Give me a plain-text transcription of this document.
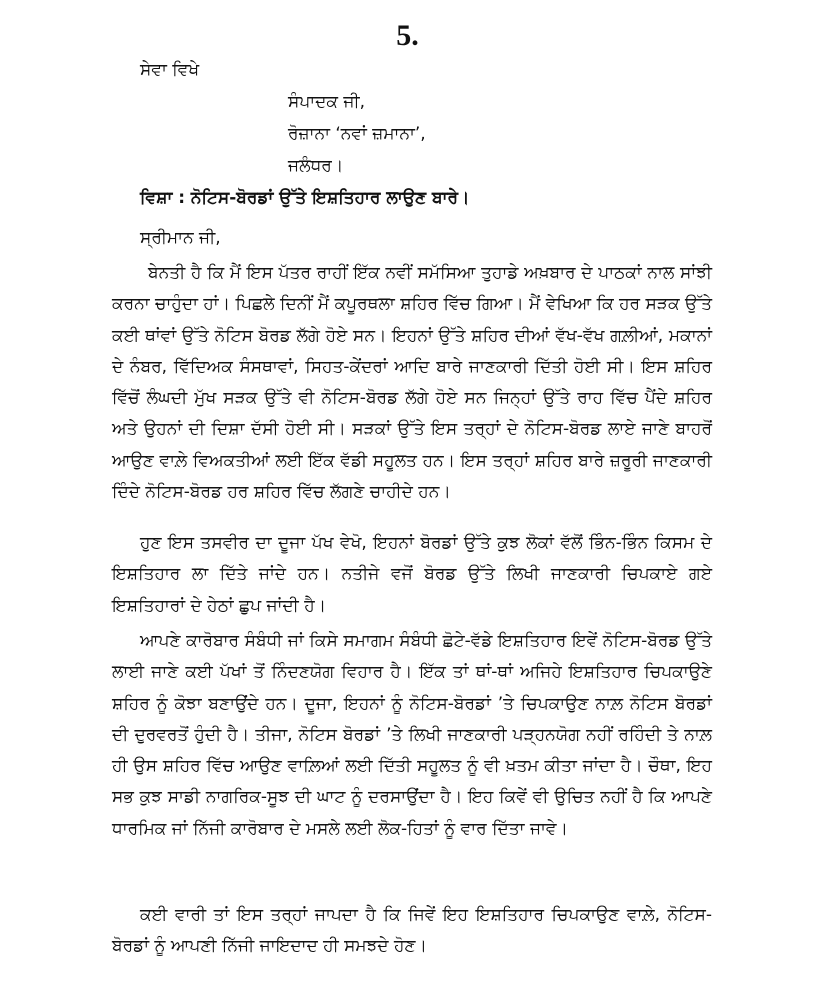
5.
ਸੇਵਾ ਵਿਖੇ
ਸੰਪਾਦਕ ਜੀ,
ਰੋਜ਼ਾਨਾ ‘ਨਵਾਂ ਜ਼ਮਾਨਾ’,
ਜਲੰਧਰ।
ਵਿਸ਼ਾ : ਨੋਟਿਸ-ਬੋਰਡਾਂ ਉੱਤੇ ਇਸ਼ਤਿਹਾਰ ਲਾਉਣ ਬਾਰੇ।
ਸ੍ਰੀਮਾਨ ਜੀ,

ਬੇਨਤੀ ਹੈ ਕਿ ਮੈਂ ਇਸ ਪੱਤਰ ਰਾਹੀਂ ਇੱਕ ਨਵੀਂ ਸਮੱਸਿਆ ਤੁਹਾਡੇ ਅਖ਼ਬਾਰ ਦੇ ਪਾਠਕਾਂ ਨਾਲ ਸਾਂਝੀ ਕਰਨਾ ਚਾਹੁੰਦਾ ਹਾਂ। ਪਿਛਲੇ ਦਿਨੀਂ ਮੈਂ ਕਪੂਰਥਲਾ ਸ਼ਹਿਰ ਵਿੱਚ ਗਿਆ। ਮੈਂ ਵੇਖਿਆ ਕਿ ਹਰ ਸੜਕ ਉੱਤੇ ਕਈ ਥਾਂਵਾਂ ਉੱਤੇ ਨੋਟਿਸ ਬੋਰਡ ਲੱਗੇ ਹੋਏ ਸਨ। ਇਹਨਾਂ ਉੱਤੇ ਸ਼ਹਿਰ ਦੀਆਂ ਵੱਖ-ਵੱਖ ਗਲ਼ੀਆਂ, ਮਕਾਨਾਂ ਦੇ ਨੰਬਰ, ਵਿੱਦਿਅਕ ਸੰਸਥਾਵਾਂ, ਸਿਹਤ-ਕੇਂਦਰਾਂ ਆਦਿ ਬਾਰੇ ਜਾਣਕਾਰੀ ਦਿੱਤੀ ਹੋਈ ਸੀ। ਇਸ ਸ਼ਹਿਰ ਵਿੱਚੋਂ ਲੰਘਦੀ ਮੁੱਖ ਸੜਕ ਉੱਤੇ ਵੀ ਨੋਟਿਸ-ਬੋਰਡ ਲੱਗੇ ਹੋਏ ਸਨ ਜਿਨ੍ਹਾਂ ਉੱਤੇ ਰਾਹ ਵਿੱਚ ਪੈਂਦੇ ਸ਼ਹਿਰ ਅਤੇ ਉਹਨਾਂ ਦੀ ਦਿਸ਼ਾ ਦੱਸੀ ਹੋਈ ਸੀ। ਸੜਕਾਂ ਉੱਤੇ ਇਸ ਤਰ੍ਹਾਂ ਦੇ ਨੋਟਿਸ-ਬੋਰਡ ਲਾਏ ਜਾਣੇ ਬਾਹਰੋਂ ਆਉਣ ਵਾਲ਼ੇ ਵਿਅਕਤੀਆਂ ਲਈ ਇੱਕ ਵੱਡੀ ਸਹੂਲਤ ਹਨ। ਇਸ ਤਰ੍ਹਾਂ ਸ਼ਹਿਰ ਬਾਰੇ ਜ਼ਰੂਰੀ ਜਾਣਕਾਰੀ ਦਿੰਦੇ ਨੋਟਿਸ-ਬੋਰਡ ਹਰ ਸ਼ਹਿਰ ਵਿੱਚ ਲੱਗਣੇ ਚਾਹੀਦੇ ਹਨ।

ਹੁਣ ਇਸ ਤਸਵੀਰ ਦਾ ਦੂਜਾ ਪੱਖ ਵੇਖੋ, ਇਹਨਾਂ ਬੋਰਡਾਂ ਉੱਤੇ ਕੁਝ ਲੋਕਾਂ ਵੱਲੋਂ ਭਿੰਨ-ਭਿੰਨ ਕਿਸਮ ਦੇ ਇਸ਼ਤਿਹਾਰ ਲਾ ਦਿੱਤੇ ਜਾਂਦੇ ਹਨ। ਨਤੀਜੇ ਵਜੋਂ ਬੋਰਡ ਉੱਤੇ ਲਿਖੀ ਜਾਣਕਾਰੀ ਚਿਪਕਾਏ ਗਏ ਇਸ਼ਤਿਹਾਰਾਂ ਦੇ ਹੇਠਾਂ ਛੁਪ ਜਾਂਦੀ ਹੈ।

ਆਪਣੇ ਕਾਰੋਬਾਰ ਸੰਬੰਧੀ ਜਾਂ ਕਿਸੇ ਸਮਾਗਮ ਸੰਬੰਧੀ ਛੋਟੇ-ਵੱਡੇ ਇਸ਼ਤਿਹਾਰ ਇਵੇਂ ਨੋਟਿਸ-ਬੋਰਡ ਉੱਤੇ ਲਾਈ ਜਾਣੇ ਕਈ ਪੱਖਾਂ ਤੋਂ ਨਿੰਦਣਯੋਗ ਵਿਹਾਰ ਹੈ। ਇੱਕ ਤਾਂ ਥਾਂ-ਥਾਂ ਅਜਿਹੇ ਇਸ਼ਤਿਹਾਰ ਚਿਪਕਾਉਣੇ ਸ਼ਹਿਰ ਨੂੰ ਕੋਝਾ ਬਣਾਉਂਦੇ ਹਨ। ਦੂਜਾ, ਇਹਨਾਂ ਨੂੰ ਨੋਟਿਸ-ਬੋਰਡਾਂ ’ਤੇ ਚਿਪਕਾਉਣ ਨਾਲ਼ ਨੋਟਿਸ ਬੋਰਡਾਂ ਦੀ ਦੁਰਵਰਤੋਂ ਹੁੰਦੀ ਹੈ। ਤੀਜਾ, ਨੋਟਿਸ ਬੋਰਡਾਂ ’ਤੇ ਲਿਖੀ ਜਾਣਕਾਰੀ ਪੜ੍ਹਨਯੋਗ ਨਹੀਂ ਰਹਿੰਦੀ ਤੇ ਨਾਲ਼ ਹੀ ਉਸ ਸ਼ਹਿਰ ਵਿੱਚ ਆਉਣ ਵਾਲ਼ਿਆਂ ਲਈ ਦਿੱਤੀ ਸਹੂਲਤ ਨੂੰ ਵੀ ਖ਼ਤਮ ਕੀਤਾ ਜਾਂਦਾ ਹੈ। ਚੌਥਾ, ਇਹ ਸਭ ਕੁਝ ਸਾਡੀ ਨਾਗਰਿਕ-ਸੂਝ ਦੀ ਘਾਟ ਨੂੰ ਦਰਸਾਉਂਦਾ ਹੈ। ਇਹ ਕਿਵੇਂ ਵੀ ਉਚਿਤ ਨਹੀਂ ਹੈ ਕਿ ਆਪਣੇ ਧਾਰਮਿਕ ਜਾਂ ਨਿੱਜੀ ਕਾਰੋਬਾਰ ਦੇ ਮਸਲੇ ਲਈ ਲੋਕ-ਹਿਤਾਂ ਨੂੰ ਵਾਰ ਦਿੱਤਾ ਜਾਵੇ।

ਕਈ ਵਾਰੀ ਤਾਂ ਇਸ ਤਰ੍ਹਾਂ ਜਾਪਦਾ ਹੈ ਕਿ ਜਿਵੇਂ ਇਹ ਇਸ਼ਤਿਹਾਰ ਚਿਪਕਾਉਣ ਵਾਲ਼ੇ, ਨੋਟਿਸ-ਬੋਰਡਾਂ ਨੂੰ ਆਪਣੀ ਨਿੱਜੀ ਜਾਇਦਾਦ ਹੀ ਸਮਝਦੇ ਹੋਣ।
